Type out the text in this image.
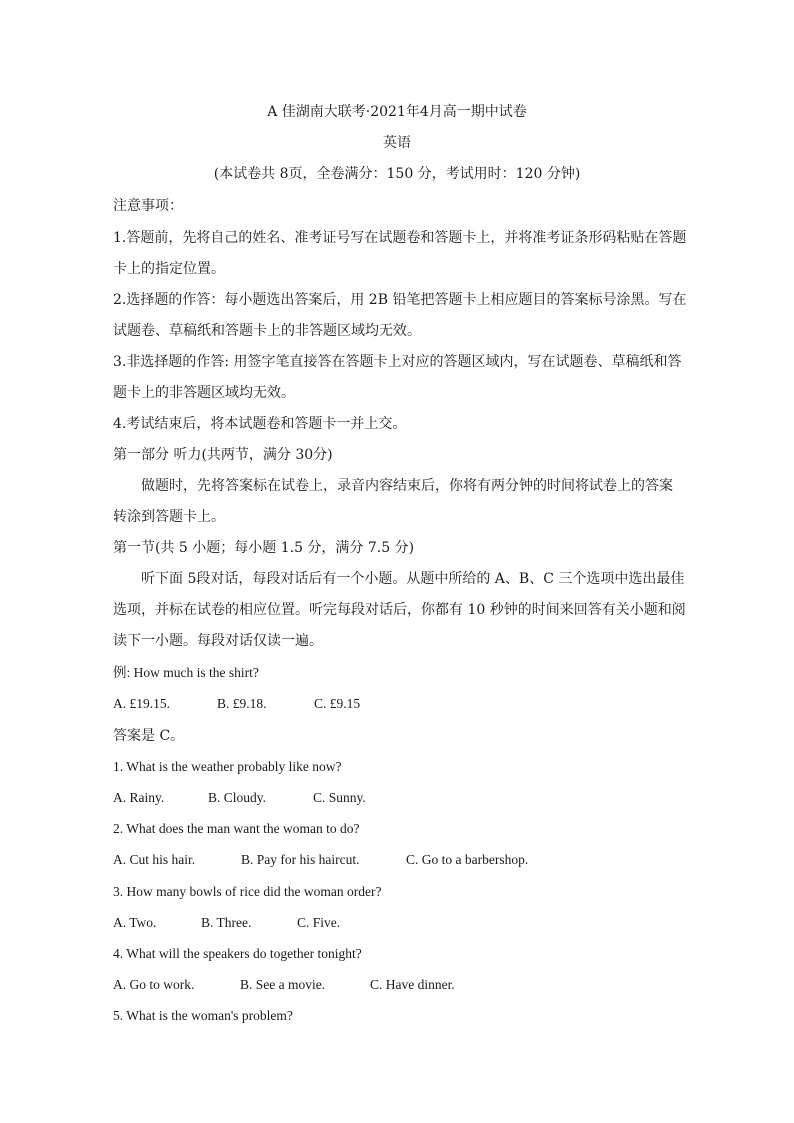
A 佳湖南大联考·2021年4月高一期中试卷
英语
(本试卷共 8页，全卷满分：150 分，考试用时：120 分钟)
注意事项：
1.答题前，先将自己的姓名、准考证号写在试题卷和答题卡上，并将准考证条形码粘贴在答题
卡上的指定位置。
2.选择题的作答：每小题选出答案后，用 2B 铅笔把答题卡上相应题目的答案标号涂黑。写在
试题卷、草稿纸和答题卡上的非答题区域均无效。
3.非选择题的作答: 用签字笔直接答在答题卡上对应的答题区域内，写在试题卷、草稿纸和答
题卡上的非答题区域均无效。
4.考试结束后，将本试题卷和答题卡一并上交。
第一部分 听力(共两节，满分 30分)
做题时，先将答案标在试卷上，录音内容结束后，你将有两分钟的时间将试卷上的答案
转涂到答题卡上。
第一节(共 5 小题；每小题 1.5 分，满分 7.5 分)
听下面 5段对话，每段对话后有一个小题。从题中所给的 A、B、C 三个选项中选出最佳
选项，并标在试卷的相应位置。听完每段对话后，你都有 10 秒钟的时间来回答有关小题和阅
读下一小题。每段对话仅读一遍。
例: How much is the shirt?
A. £19.15.	B. £9.18.	C. £9.15
答案是 C。
1. What is the weather probably like now?
A. Rainy.	B. Cloudy.	C. Sunny.
2. What does the man want the woman to do?
A. Cut his hair.	B. Pay for his haircut.	C. Go to a barbershop.
3. How many bowls of rice did the woman order?
A. Two.	B. Three.	C. Five.
4. What will the speakers do together tonight?
A. Go to work.	B. See a movie.	C. Have dinner.
5. What is the woman's problem?
